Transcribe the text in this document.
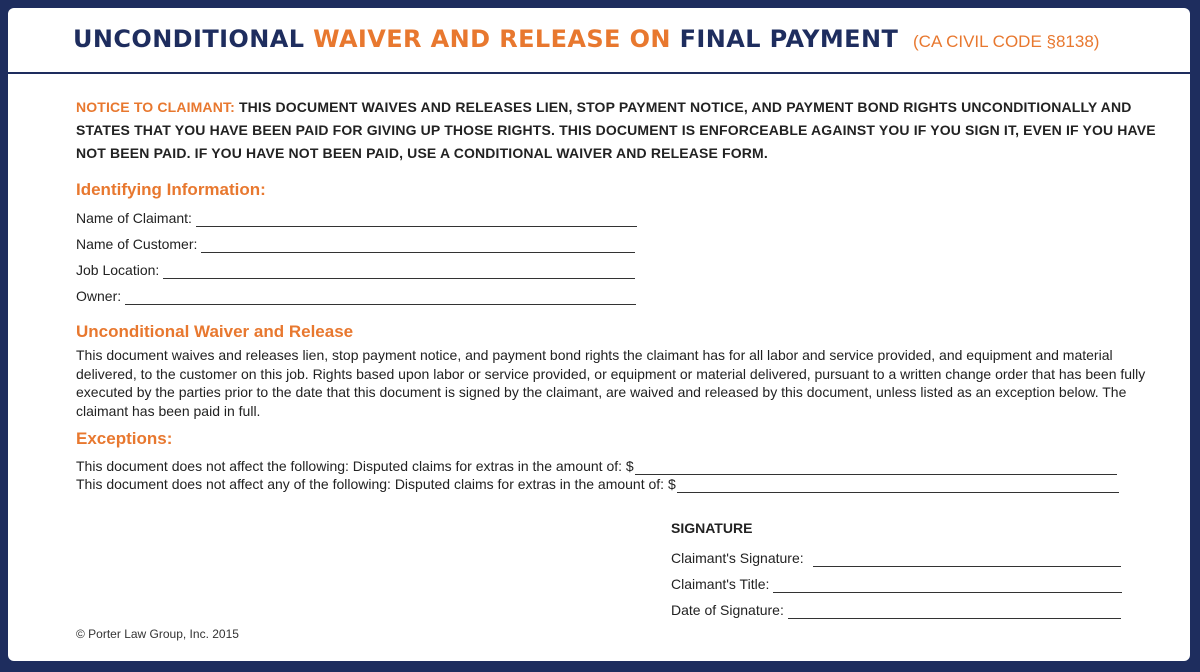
UNCONDITIONAL WAIVER AND RELEASE ON FINAL PAYMENT (CA CIVIL CODE §8138)
NOTICE TO CLAIMANT: THIS DOCUMENT WAIVES AND RELEASES LIEN, STOP PAYMENT NOTICE, AND PAYMENT BOND RIGHTS UNCONDITIONALLY AND STATES THAT YOU HAVE BEEN PAID FOR GIVING UP THOSE RIGHTS. THIS DOCUMENT IS ENFORCEABLE AGAINST YOU IF YOU SIGN IT, EVEN IF YOU HAVE NOT BEEN PAID. IF YOU HAVE NOT BEEN PAID, USE A CONDITIONAL WAIVER AND RELEASE FORM.
Identifying Information:
Name of Claimant:
Name of Customer:
Job Location:
Owner:
Unconditional Waiver and Release
This document waives and releases lien, stop payment notice, and payment bond rights the claimant has for all labor and service provided, and equipment and material delivered, to the customer on this job. Rights based upon labor or service provided, or equipment or material delivered, pursuant to a written change order that has been fully executed by the parties prior to the date that this document is signed by the claimant, are waived and released by this document, unless listed as an exception below. The claimant has been paid in full.
Exceptions:
This document does not affect the following: Disputed claims for extras in the amount of: $
This document does not affect any of the following: Disputed claims for extras in the amount of: $
SIGNATURE
Claimant's Signature:
Claimant's Title:
Date of Signature:
© Porter Law Group, Inc. 2015
